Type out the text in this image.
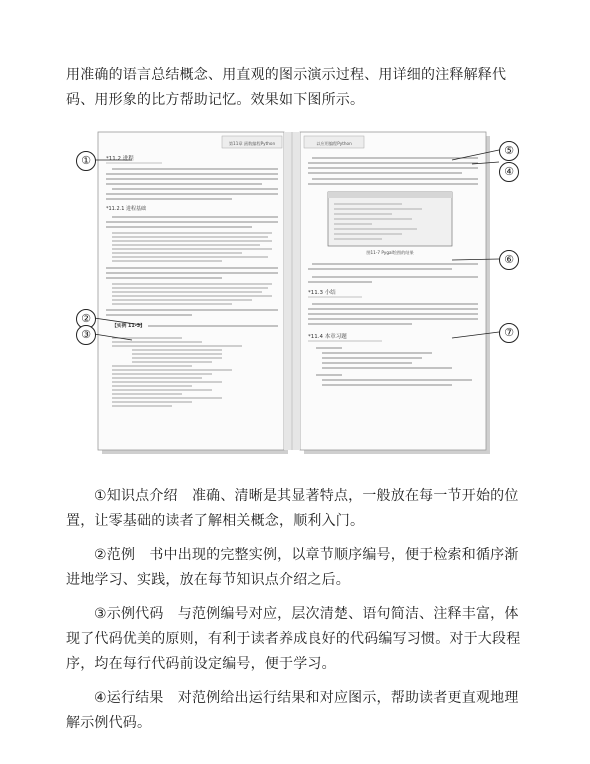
用准确的语言总结概念、用直观的图示演示过程、用详细的注释解释代码、用形象的比方帮助记忆。效果如下图所示。

第11章 函数编程Python
*11.2 进程
*11.2.1 进程基础
【实例 11-3】
以应用编程Python
图11-7 Pygal绘图的结果
*11.3 小结
*11.4 本章习题
①
②
③
⑤
④
⑥
⑦

①知识点介绍　准确、清晰是其显著特点，一般放在每一节开始的位置，让零基础的读者了解相关概念，顺利入门。

②范例　书中出现的完整实例，以章节顺序编号，便于检索和循序渐进地学习、实践，放在每节知识点介绍之后。

③示例代码　与范例编号对应，层次清楚、语句简洁、注释丰富，体现了代码优美的原则，有利于读者养成良好的代码编写习惯。对于大段程序，均在每行代码前设定编号，便于学习。

④运行结果　对范例给出运行结果和对应图示，帮助读者更直观地理解示例代码。
